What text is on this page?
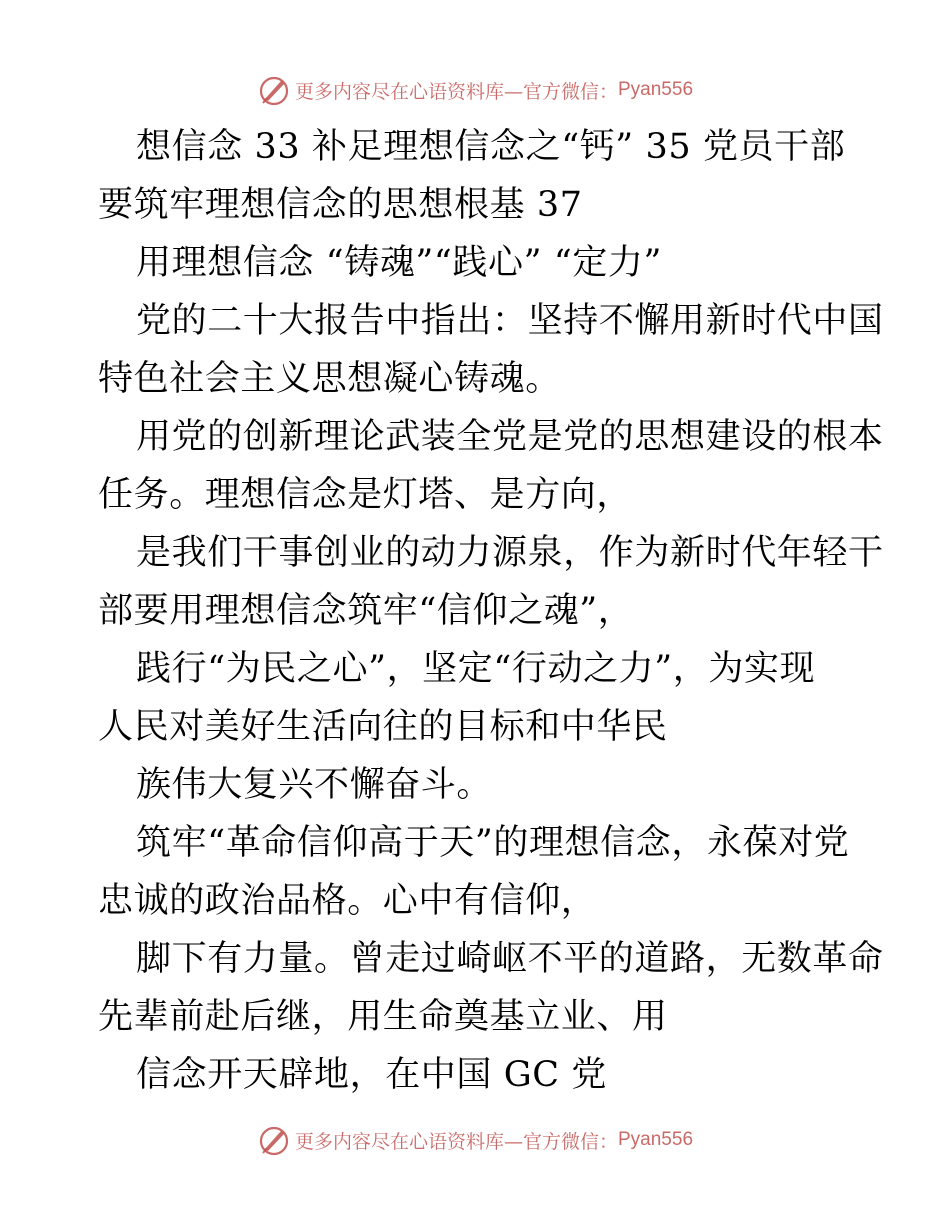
更多内容尽在心语资料库—官方微信： Pyan556
想信念 33 补足理想信念之“钙” 35 党员干部
要筑牢理想信念的思想根基 37
用理想信念 “铸魂”“践心” “定力”
党的二十大报告中指出：坚持不懈用新时代中国
特色社会主义思想凝心铸魂。
用党的创新理论武装全党是党的思想建设的根本
任务。理想信念是灯塔、是方向，
是我们干事创业的动力源泉，作为新时代年轻干
部要用理想信念筑牢“信仰之魂”，
践行“为民之心”，坚定“行动之力”，为实现
人民对美好生活向往的目标和中华民
族伟大复兴不懈奋斗。
筑牢“革命信仰高于天”的理想信念，永葆对党
忠诚的政治品格。心中有信仰，
脚下有力量。曾走过崎岖不平的道路，无数革命
先辈前赴后继，用生命奠基立业、用
信念开天辟地，在中国 GC 党
更多内容尽在心语资料库—官方微信： Pyan556
